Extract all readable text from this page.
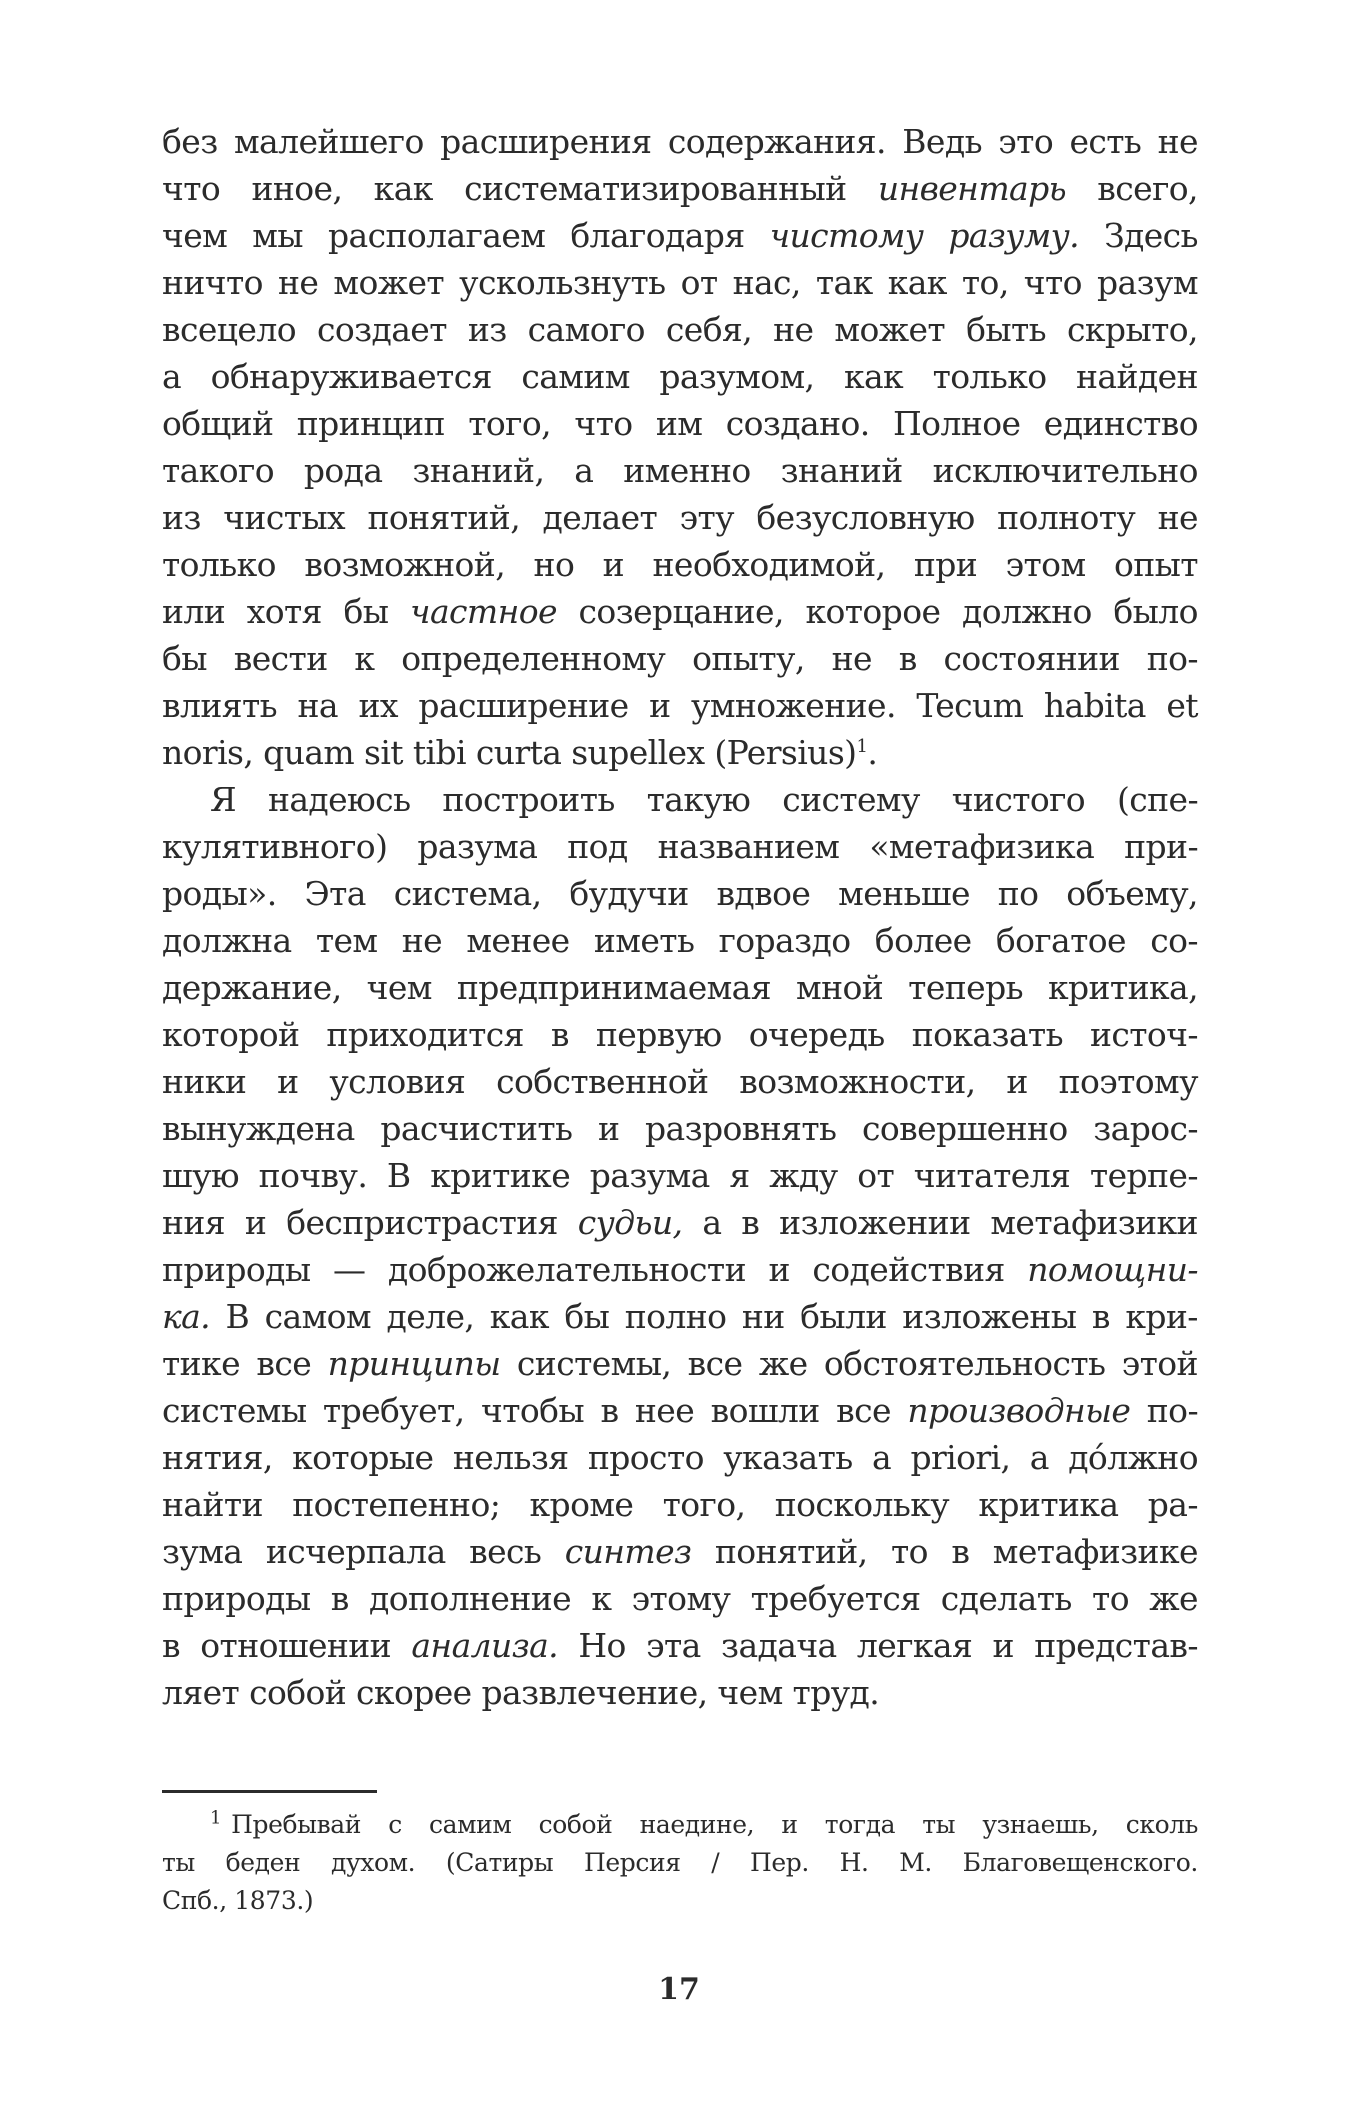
без малейшего расширения содержания. Ведь это есть не
что иное, как систематизированный инвентарь всего,
чем мы располагаем благодаря чистому разуму. Здесь
ничто не может ускользнуть от нас, так как то, что разум
всецело создает из самого себя, не может быть скрыто,
а обнаруживается самим разумом, как только найден
общий принцип того, что им создано. Полное единство
такого рода знаний, а именно знаний исключительно
из чистых понятий, делает эту безусловную полноту не
только возможной, но и необходимой, при этом опыт
или хотя бы частное созерцание, которое должно было
бы вести к определенному опыту, не в состоянии по-
влиять на их расширение и умножение. Tecum habita et
noris,
quam
sit
tibi
curta
supellex
(Persius)$^1$.
Я надеюсь построить такую систему чистого (спе-
кулятивного) разума под названием «метафизика при-
роды». Эта система, будучи вдвое меньше по объему,
должна тем не менее иметь гораздо более богатое со-
держание, чем предпринимаемая мной теперь критика,
которой приходится в первую очередь показать источ-
ники и условия собственной возможности, и поэтому
вынуждена расчистить и разровнять совершенно зарос-
шую почву. В критике разума я жду от читателя терпе-
ния и беспристрастия судьи, а в изложении метафизики
природы — доброжелательности и содействия помощни-
ка. В самом деле, как бы полно ни были изложены в кри-
тике все принципы системы, все же обстоятельность этой
системы требует, чтобы в нее вошли все производные по-
нятия, которые нельзя просто указать a priori, а дóлжно
найти постепенно; кроме того, поскольку критика ра-
зума исчерпала весь синтез понятий, то в метафизике
природы в дополнение к этому требуется сделать то же
в отношении анализа. Но эта задача легкая и представ-
ляет
собой
скорее
развлечение,
чем
труд.
$^1$ Пребывай с самим собой наедине, и тогда ты узнаешь, сколь
ты беден духом. (Сатиры Персия / Пер. Н. М. Благовещенского.
Спб.,
1873.)
17
